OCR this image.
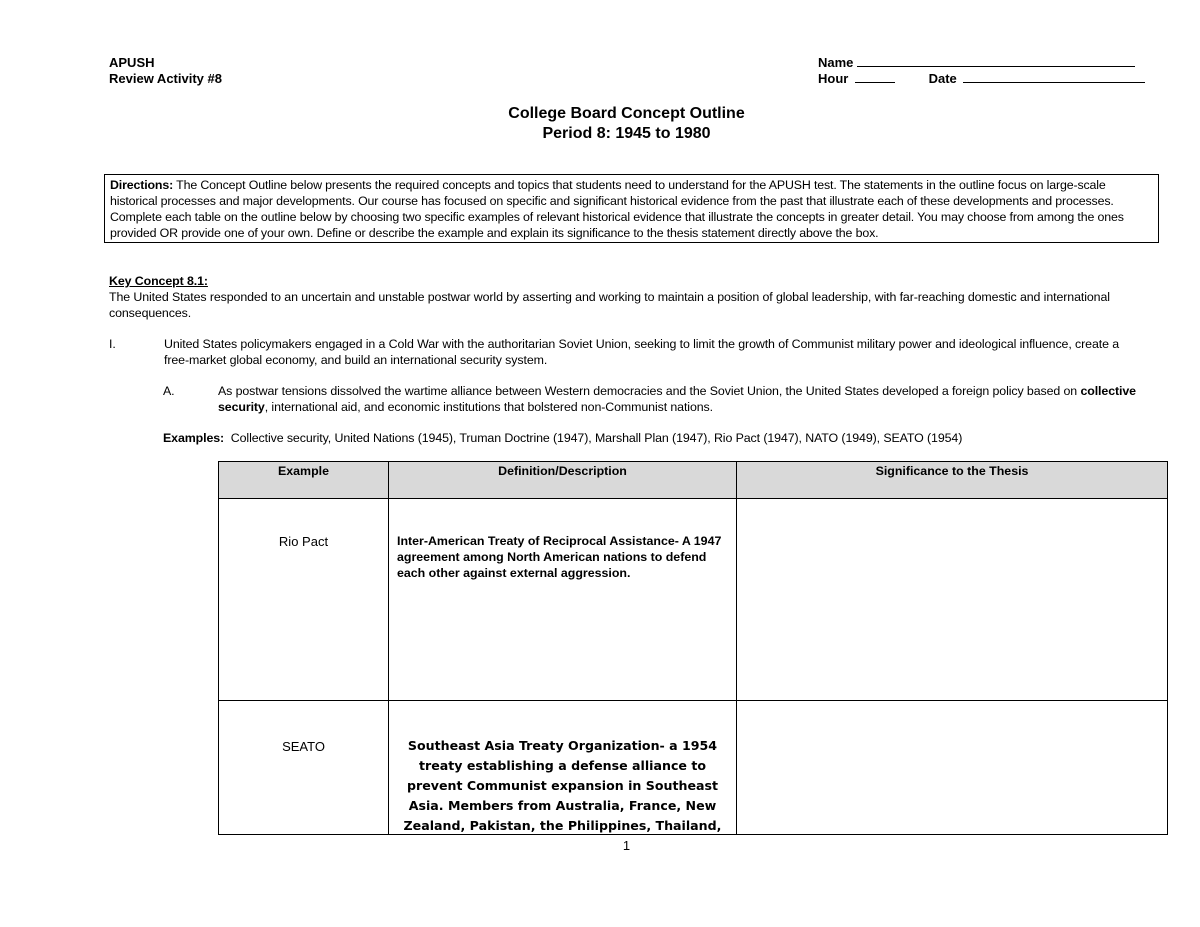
APUSH
Review Activity #8
Name
Hour	Date
College Board Concept Outline
Period 8: 1945 to 1980
Directions: The Concept Outline below presents the required concepts and topics that students need to understand for the APUSH test. The statements in the outline focus on large-scale historical processes and major developments. Our course has focused on specific and significant historical evidence from the past that illustrate each of these developments and processes. Complete each table on the outline below by choosing two specific examples of relevant historical evidence that illustrate the concepts in greater detail. You may choose from among the ones provided OR provide one of your own. Define or describe the example and explain its significance to the thesis statement directly above the box.
Key Concept 8.1:
The United States responded to an uncertain and unstable postwar world by asserting and working to maintain a position of global leadership, with far-reaching domestic and international consequences.
I.	United States policymakers engaged in a Cold War with the authoritarian Soviet Union, seeking to limit the growth of Communist military power and ideological influence, create a free-market global economy, and build an international security system.
A.	As postwar tensions dissolved the wartime alliance between Western democracies and the Soviet Union, the United States developed a foreign policy based on collective security, international aid, and economic institutions that bolstered non-Communist nations.
Examples: Collective security, United Nations (1945), Truman Doctrine (1947), Marshall Plan (1947), Rio Pact (1947), NATO (1949), SEATO (1954)
Example	Definition/Description	Significance to the Thesis

Rio Pact	Inter-American Treaty of Reciprocal Assistance- A 1947 agreement among North American nations to defend each other against external aggression.	

SEATO	Southeast Asia Treaty Organization- a 1954 treaty establishing a defense alliance to prevent Communist expansion in Southeast Asia. Members from Australia, France, New Zealand, Pakistan, the Philippines, Thailand,	

1
